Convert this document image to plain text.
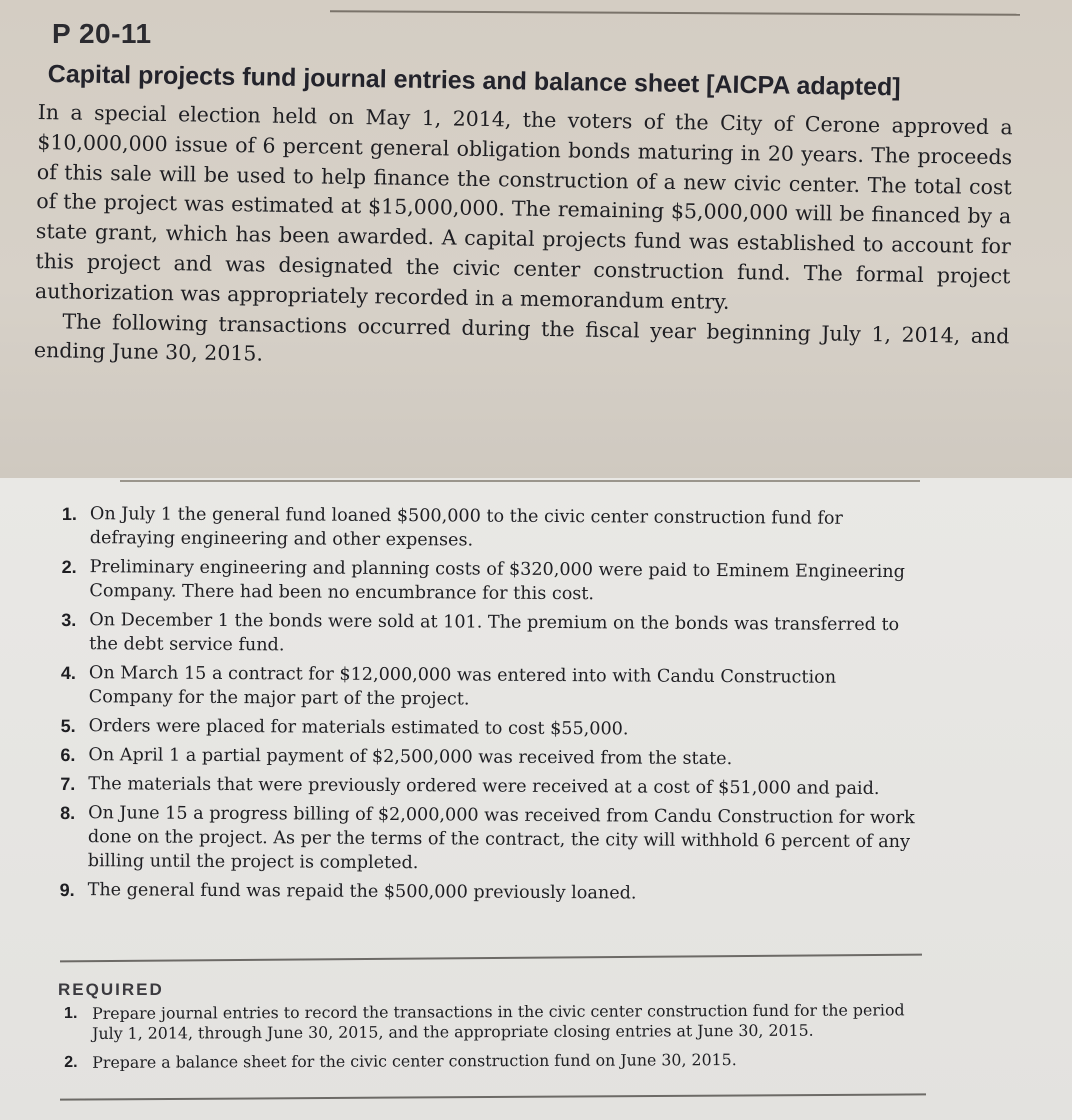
P 20-11
Capital projects fund journal entries and balance sheet [AICPA adapted]

In a special election held on May 1, 2014, the voters of the City of Cerone approved a $10,000,000 issue of 6 percent general obligation bonds maturing in 20 years. The proceeds of this sale will be used to help finance the construction of a new civic center. The total cost of the project was estimated at $15,000,000. The remaining $5,000,000 will be financed by a state grant, which has been awarded. A capital projects fund was established to account for this project and was designated the civic center construction fund. The formal project authorization was appropriately recorded in a memorandum entry.

The following transactions occurred during the fiscal year beginning July 1, 2014, and ending June 30, 2015.

1. On July 1 the general fund loaned $500,000 to the civic center construction fund for defraying engineering and other expenses.
2. Preliminary engineering and planning costs of $320,000 were paid to Eminem Engineering Company. There had been no encumbrance for this cost.
3. On December 1 the bonds were sold at 101. The premium on the bonds was transferred to the debt service fund.
4. On March 15 a contract for $12,000,000 was entered into with Candu Construction Company for the major part of the project.
5. Orders were placed for materials estimated to cost $55,000.
6. On April 1 a partial payment of $2,500,000 was received from the state.
7. The materials that were previously ordered were received at a cost of $51,000 and paid.
8. On June 15 a progress billing of $2,000,000 was received from Candu Construction for work done on the project. As per the terms of the contract, the city will withhold 6 percent of any billing until the project is completed.
9. The general fund was repaid the $500,000 previously loaned.
REQUIRED
1. Prepare journal entries to record the transactions in the civic center construction fund for the period July 1, 2014, through June 30, 2015, and the appropriate closing entries at June 30, 2015.
2. Prepare a balance sheet for the civic center construction fund on June 30, 2015.
